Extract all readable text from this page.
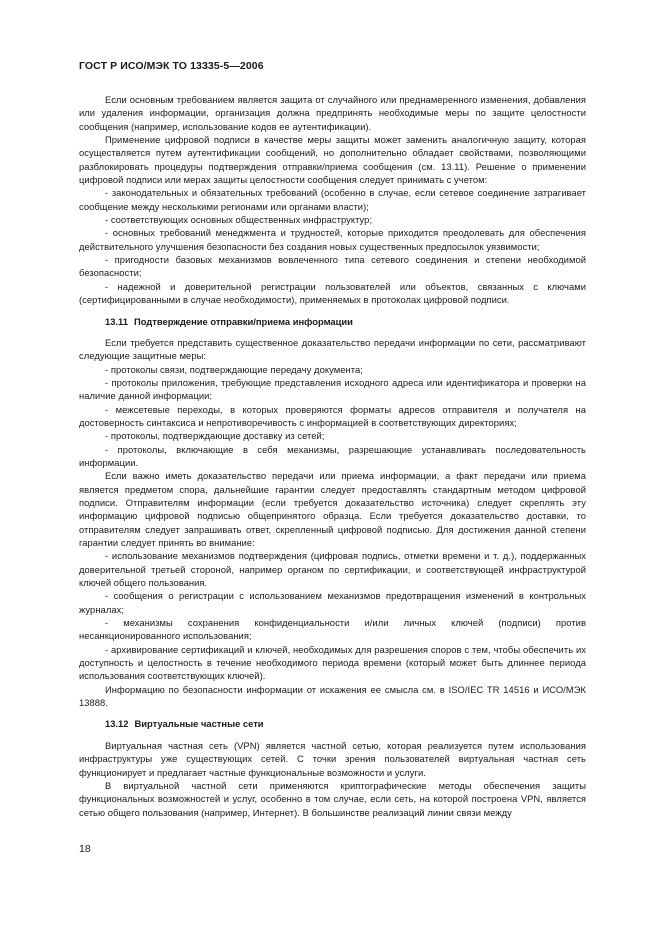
ГОСТ Р ИСО/МЭК ТО 13335-5—2006

Если основным требованием является защита от случайного или преднамеренного изменения, добавления или удаления информации, организация должна предпринять необходимые меры по защите целостности сообщения (например, использование кодов ее аутентификации).

Применение цифровой подписи в качестве меры защиты может заменить аналогичную защиту, которая осуществляется путем аутентификации сообщений, но дополнительно обладает свойствами, позволяющими разблокировать процедуры подтверждения отправки/приема сообщения (см. 13.11). Решение о применении цифровой подписи или мерах защиты целостности сообщения следует принимать с учетом:

- законодательных и обязательных требований (особенно в случае, если сетевое соединение затрагивает сообщение между несколькими регионами или органами власти);

- соответствующих основных общественных инфраструктур;

- основных требований менеджмента и трудностей, которые приходится преодолевать для обеспечения действительного улучшения безопасности без создания новых существенных предпосылок уязвимости;

- пригодности базовых механизмов вовлеченного типа сетевого соединения и степени необходимой безопасности;

- надежной и доверительной регистрации пользователей или объектов, связанных с ключами (сертифицированными в случае необходимости), применяемых в протоколах цифровой подписи.

13.11 Подтверждение отправки/приема информации

Если требуется представить существенное доказательство передачи информации по сети, рассматривают следующие защитные меры:

- протоколы связи, подтверждающие передачу документа;

- протоколы приложения, требующие представления исходного адреса или идентификатора и проверки на наличие данной информации;

- межсетевые переходы, в которых проверяются форматы адресов отправителя и получателя на достоверность синтаксиса и непротиворечивость с информацией в соответствующих директориях;

- протоколы, подтверждающие доставку из сетей;

- протоколы, включающие в себя механизмы, разрешающие устанавливать последовательность информации.

Если важно иметь доказательство передачи или приема информации, а факт передачи или приема является предметом спора, дальнейшие гарантии следует предоставлять стандартным методом цифровой подписи. Отправителям информации (если требуется доказательство источника) следует скреплять эту информацию цифровой подписью общепринятого образца. Если требуется доказательство доставки, то отправителям следует запрашивать ответ, скрепленный цифровой подписью. Для достижения данной степени гарантии следует принять во внимание:

- использование механизмов подтверждения (цифровая подпись, отметки времени и т. д.), поддержанных доверительной третьей стороной, например органом по сертификации, и соответствующей инфраструктурой ключей общего пользования.

- сообщения о регистрации с использованием механизмов предотвращения изменений в контрольных журналах;

- механизмы сохранения конфиденциальности и/или личных ключей (подписи) против несанкционированного использования;

- архивирование сертификаций и ключей, необходимых для разрешения споров с тем, чтобы обеспечить их доступность и целостность в течение необходимого периода времени (который может быть длиннее периода использования соответствующих ключей).

Информацию по безопасности информации от искажения ее смысла см. в ISO/IEC TR 14516 и ИСО/МЭК 13888.

13.12 Виртуальные частные сети

Виртуальная частная сеть (VPN) является частной сетью, которая реализуется путем использования инфраструктуры уже существующих сетей. С точки зрения пользователей виртуальная частная сеть функционирует и предлагает частные функциональные возможности и услуги.

В виртуальной частной сети применяются криптографические методы обеспечения защиты функциональных возможностей и услуг, особенно в том случае, если сеть, на которой построена VPN, является сетью общего пользования (например, Интернет). В большинстве реализаций линии связи между

18
